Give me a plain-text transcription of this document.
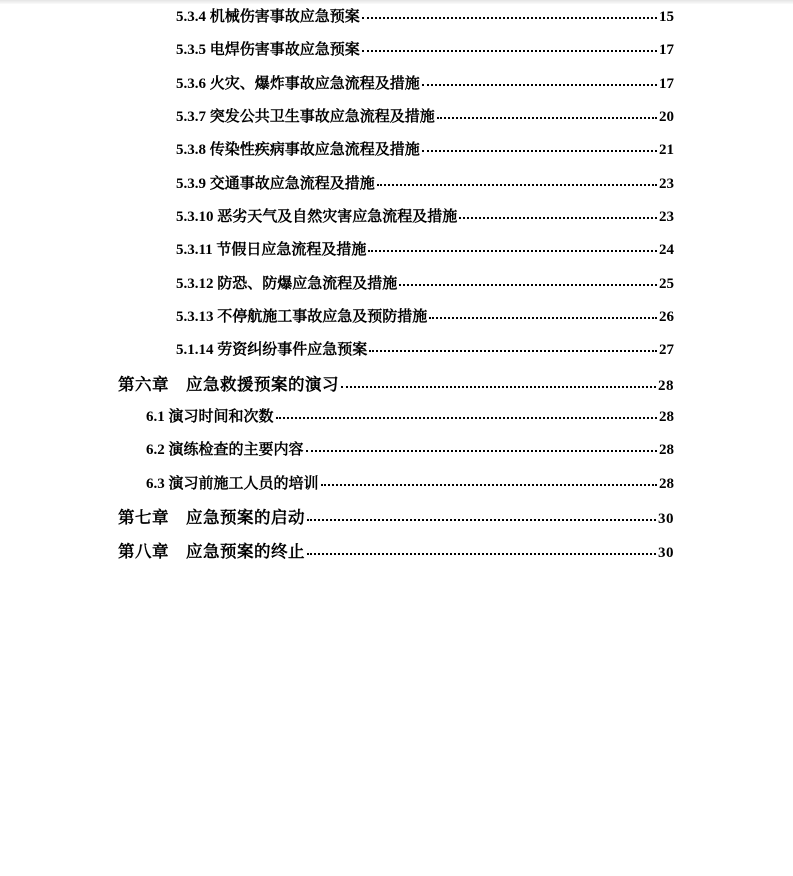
5.3.4 机械伤害事故应急预案	15
5.3.5 电焊伤害事故应急预案	17
5.3.6 火灾、爆炸事故应急流程及措施	17
5.3.7 突发公共卫生事故应急流程及措施	20
5.3.8 传染性疾病事故应急流程及措施	21
5.3.9 交通事故应急流程及措施	23
5.3.10 恶劣天气及自然灾害应急流程及措施	23
5.3.11 节假日应急流程及措施	24
5.3.12 防恐、防爆应急流程及措施	25
5.3.13 不停航施工事故应急及预防措施	26
5.1.14 劳资纠纷事件应急预案	27
第六章　应急救援预案的演习	28
6.1 演习时间和次数	28
6.2 演练检查的主要内容	28
6.3 演习前施工人员的培训	28
第七章　应急预案的启动	30
第八章　应急预案的终止	30
